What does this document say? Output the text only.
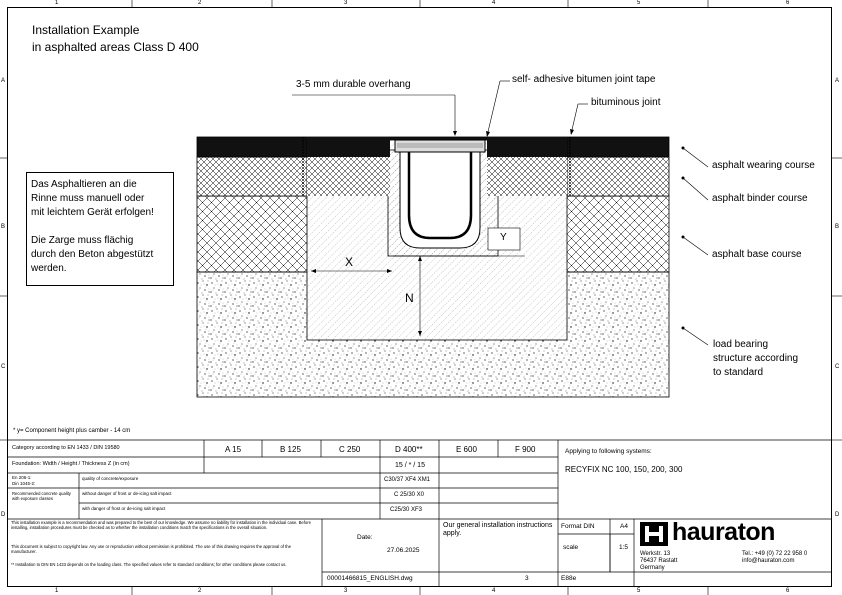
1	2	3	4	5	6
1	2	3	4	5	6
A
B
C
D
A
B
C
D
Installation Example
in asphalted areas Class D 400
3-5 mm durable overhang	self- adhesive bitumen joint tape
bituminous joint
asphalt wearing course
asphalt binder course
asphalt base course
load bearing
structure according
to standard
X
N
Y
Das Asphaltieren an die
Rinne muss manuell oder
mit leichtem Gerät erfolgen!
Die Zarge muss flächig
durch den Beton abgestützt
werden.
* y= Component height plus camber - 14 cm
Category according to EN 1433 / DIN 19580	A 15	B 125	C 250	D 400**	E 600	F 900
Foundation: Width / Height / Thickness Z (in cm)	15 / * / 15
En 206-1:
Din 1045-2:
Recommended concrete quality with exposure classes
quality of concrete/exposure	C30/37 XF4 XM1
without danger of frost or de-icing salt impact	C 25/30 X0
with danger of frost or de-icing salt impact	C25/30 XF3
Applying to following systems:
RECYFIX NC 100, 150, 200, 300
This installation example is a recommendation and was prepared to the best of our knowledge. We assume no liability for installation in the individual case. Before installing, installation procedures must be checked as to whether the installation conditions match the specifications in the overall situation.
This document is subject to copyright law. Any use or reproduction without permission is prohibited. The use of this drawing requires the approval of the manufacturer.
** Installation to DIN EN 1433 depends on the loading class. The specified values refer to standard conditions; for other conditions please contact us.
Date:
27.06.2025
Our general installation instructions apply.
00001466815_ENGLISH.dwg	3	E88e
Format DIN	A4
scale	1:5
hauraton
Werkstr. 13
76437 Rastatt
Germany
Tel.: +49 (0) 72 22 958 0
info@hauraton.com
